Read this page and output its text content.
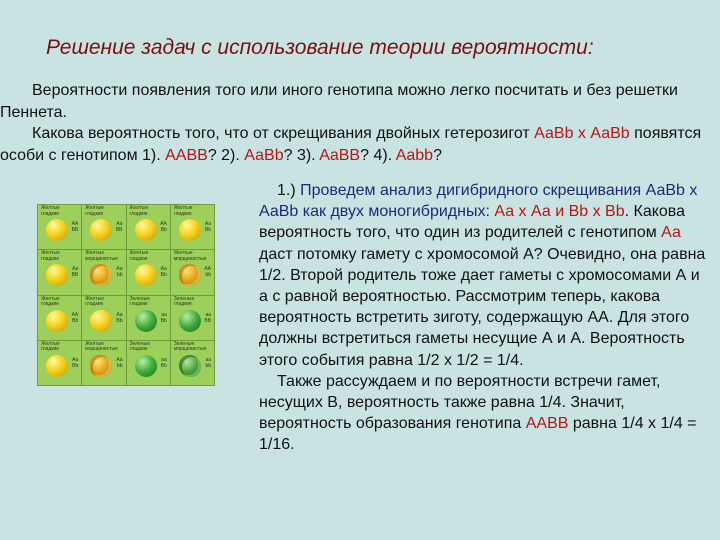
Решение задач с использование теории вероятности:

Вероятности появления того или иного генотипа можно легко посчитать и без решетки Пеннета.

Какова вероятность того, что от скрещивания двойных гетерозигот АаBb х АаBb появятся особи с генотипом 1). AABB? 2). АаBb? 3). AaBB? 4). Aabb?

Желтые
гладкие
AA
BB
Желтые
гладкие
Aa
BB
Желтые
гладкие
AA
Bb
Желтые
гладкие
Aa
Bb
Желтые
гладкие
Aa
BB
Желтые
морщинистые
Aa
bb
Желтые
гладкие
Aa
Bb
Желтые
морщинистые
AA
bb
Желтые
гладкие
AA
Bb
Желтые
гладкие
Aa
Bb
Зеленые
гладкие
aa
Bb
Зеленые
гладкие
aa
BB
Желтые
гладкие
Aa
Bb
Желтые
морщинистые
Aa
bb
Зеленые
гладкие
aa
Bb
Зеленые
морщинистые
aa
bb

1.) Проведем анализ дигибридного скрещивания АаBb х АаBb как двух моногибридных: Аа х Аа и Bb х Bb. Какова вероятность того, что один из родителей с генотипом Аа даст потомку гамету с хромосомой А? Очевидно, она равна 1/2. Второй родитель тоже дает гаметы с хромосомами А и а с равной вероятностью. Рассмотрим теперь, какова вероятность встретить зиготу, содержащую АА. Для этого должны встретиться гаметы несущие А и А. Вероятность этого события равна 1/2 х 1/2 = 1/4.

Также рассуждаем и по вероятности встречи гамет, несущих В, вероятность также равна 1/4. Значит, вероятность образования генотипа AABB равна 1/4 х 1/4 = 1/16.
